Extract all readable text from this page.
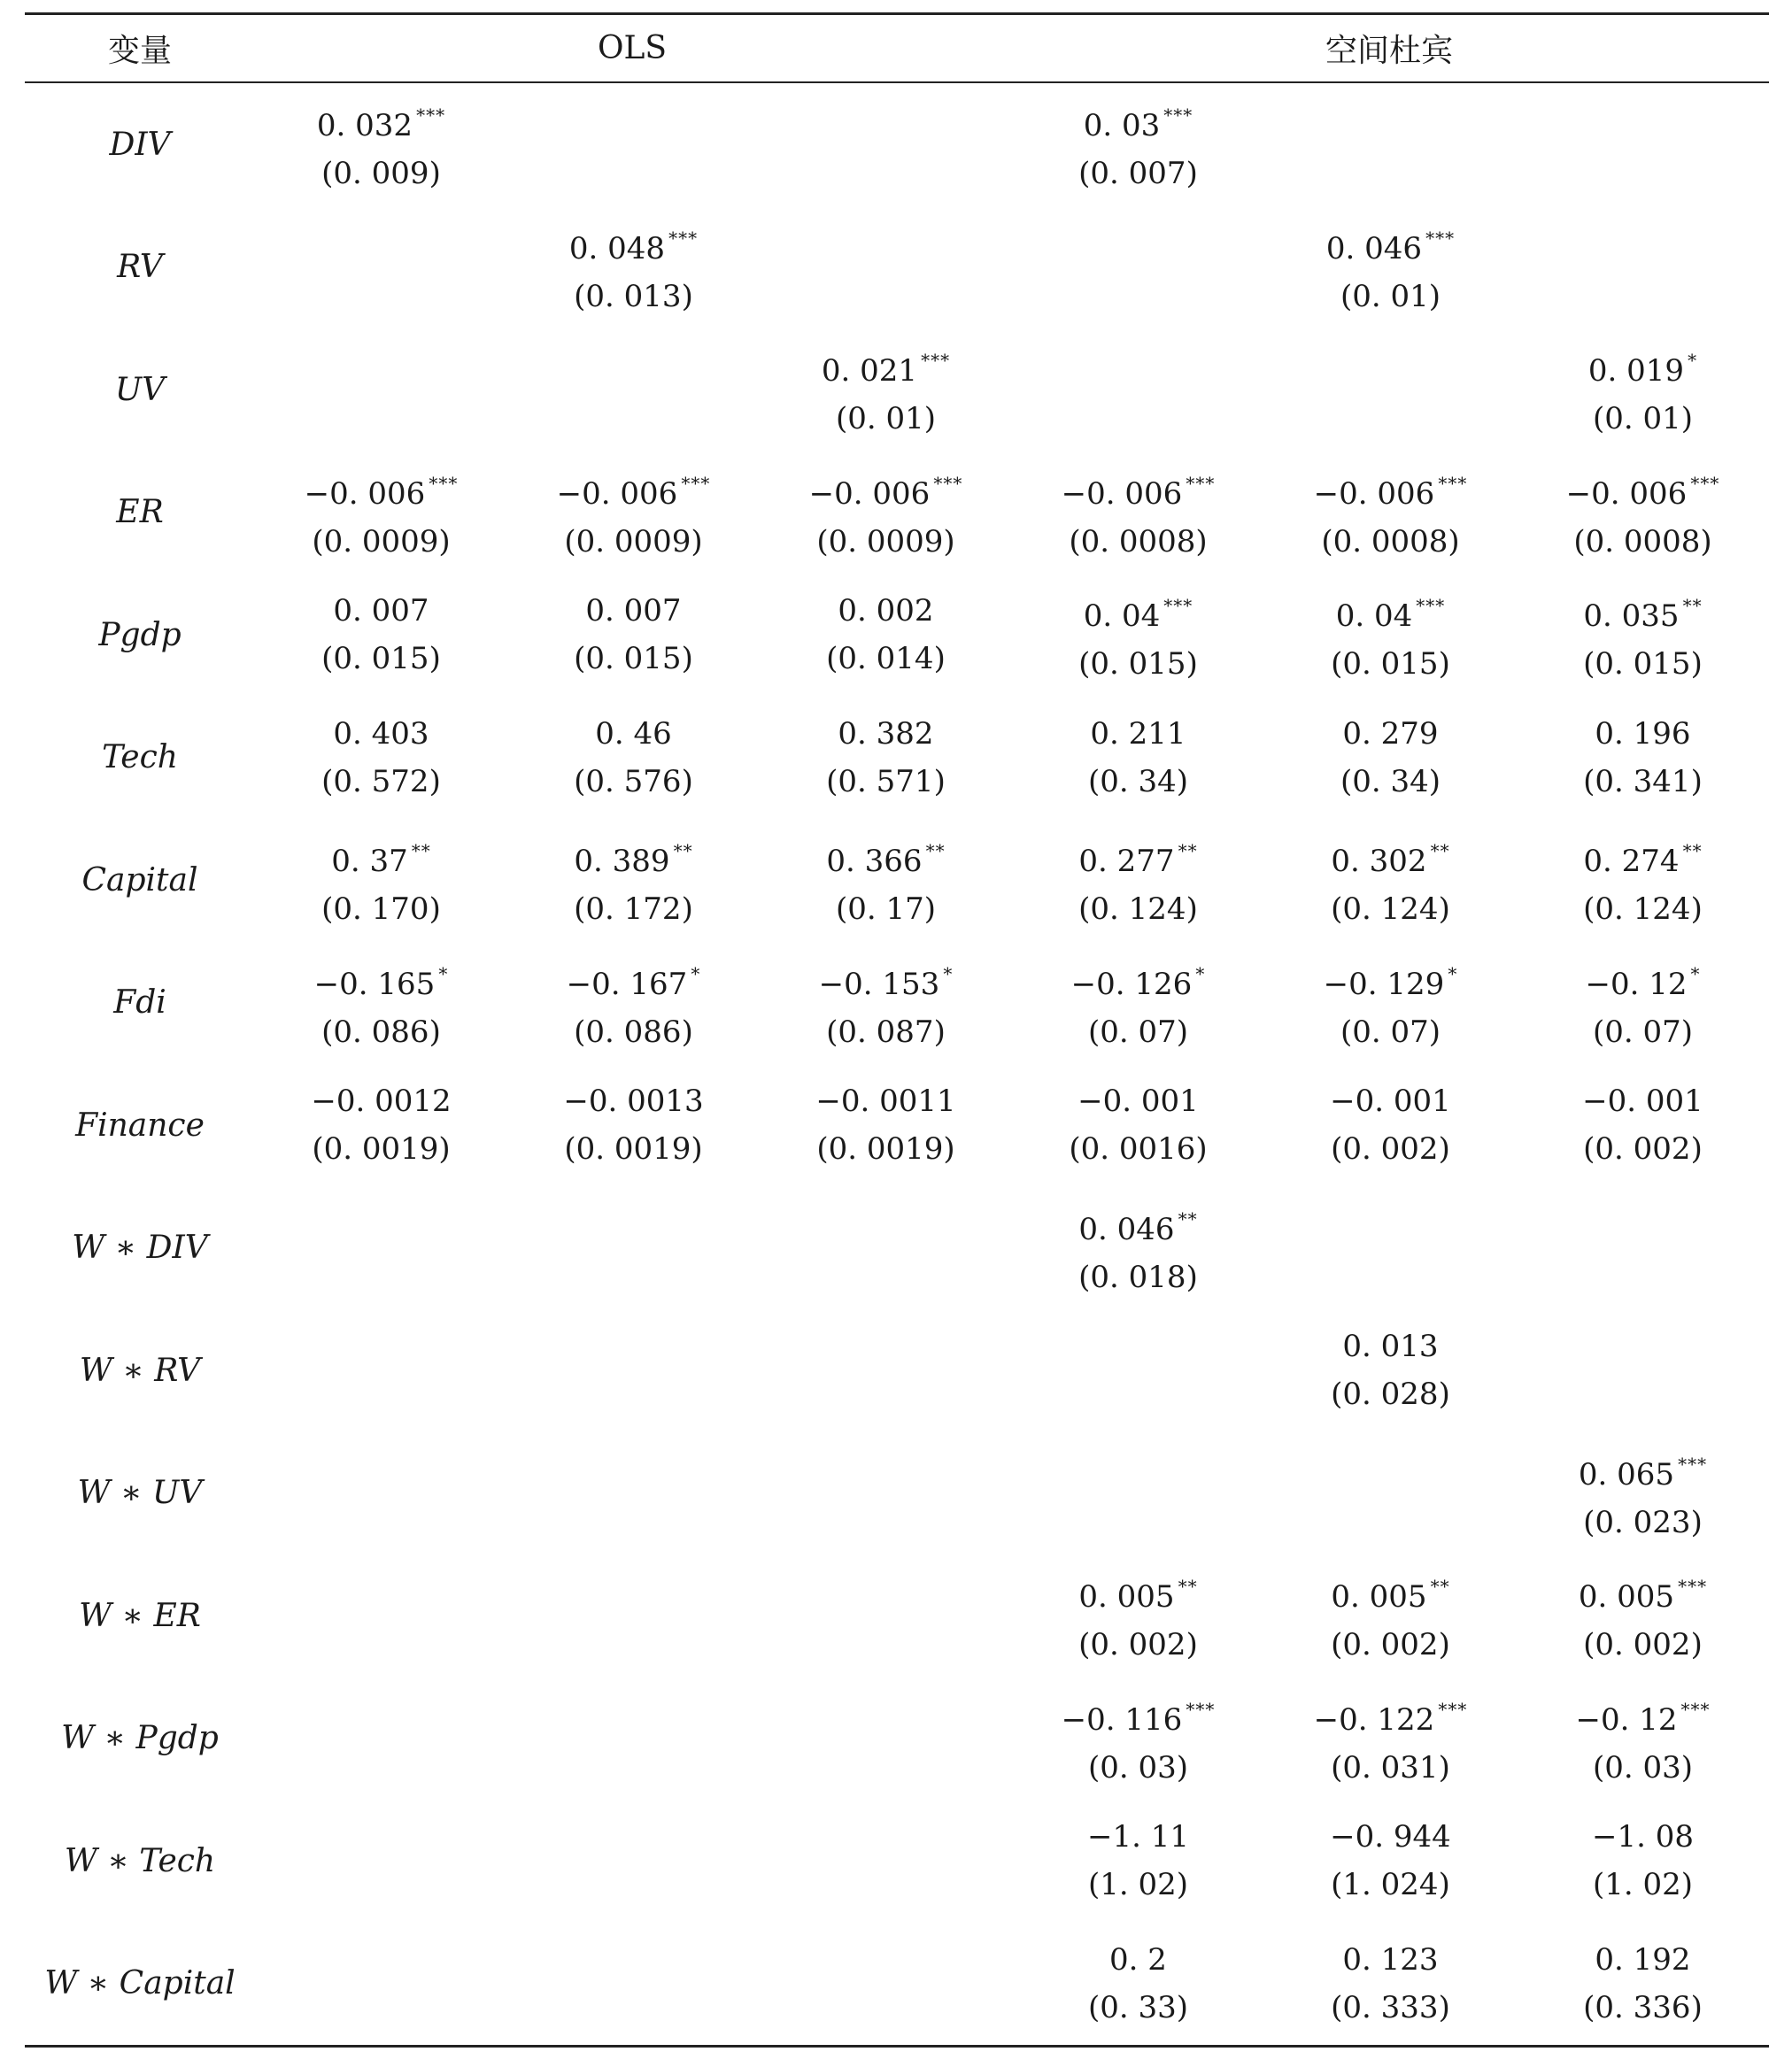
变量	OLS	空间杜宾
DIV
0. 032 ***
(0. 009)
0. 03 ***
(0. 007)
RV
0. 048 ***
(0. 013)
0. 046 ***
(0. 01)
UV
0. 021 ***
(0. 01)
0. 019 *
(0. 01)
ER
−0. 006 ***
(0. 0009)
−0. 006 ***
(0. 0009)
−0. 006 ***
(0. 0009)
−0. 006 ***
(0. 0008)
−0. 006 ***
(0. 0008)
−0. 006 ***
(0. 0008)
Pgdp
0. 007
(0. 015)
0. 007
(0. 015)
0. 002
(0. 014)
0. 04 ***
(0. 015)
0. 04 ***
(0. 015)
0. 035 **
(0. 015)
Tech
0. 403
(0. 572)
0. 46
(0. 576)
0. 382
(0. 571)
0. 211
(0. 34)
0. 279
(0. 34)
0. 196
(0. 341)
Capital
0. 37 **
(0. 170)
0. 389 **
(0. 172)
0. 366 **
(0. 17)
0. 277 **
(0. 124)
0. 302 **
(0. 124)
0. 274 **
(0. 124)
Fdi
−0. 165 *
(0. 086)
−0. 167 *
(0. 086)
−0. 153 *
(0. 087)
−0. 126 *
(0. 07)
−0. 129 *
(0. 07)
−0. 12 *
(0. 07)
Finance
−0. 0012
(0. 0019)
−0. 0013
(0. 0019)
−0. 0011
(0. 0019)
−0. 001
(0. 0016)
−0. 001
(0. 002)
−0. 001
(0. 002)
W ∗ DIV
0. 046 **
(0. 018)
W ∗ RV
0. 013
(0. 028)
W ∗ UV
0. 065 ***
(0. 023)
W ∗ ER
0. 005 **
(0. 002)
0. 005 **
(0. 002)
0. 005 ***
(0. 002)
W ∗ Pgdp
−0. 116 ***
(0. 03)
−0. 122 ***
(0. 031)
−0. 12 ***
(0. 03)
W ∗ Tech
−1. 11
(1. 02)
−0. 944
(1. 024)
−1. 08
(1. 02)
W ∗ Capital
0. 2
(0. 33)
0. 123
(0. 333)
0. 192
(0. 336)
